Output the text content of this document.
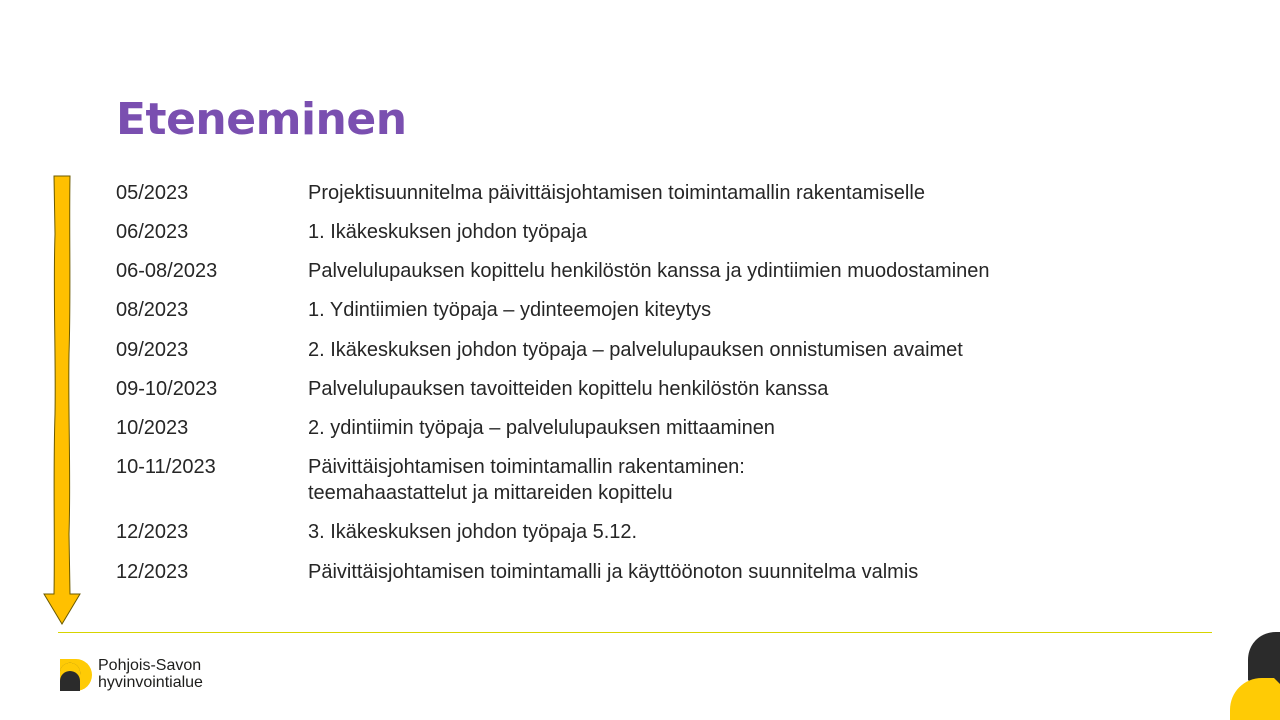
Eteneminen
05/2023	Projektisuunnitelma päivittäisjohtamisen toimintamallin rakentamiselle
06/2023	1. Ikäkeskuksen johdon työpaja
06-08/2023	Palvelulupauksen kopittelu henkilöstön kanssa ja ydintiimien muodostaminen
08/2023	1. Ydintiimien työpaja – ydinteemojen kiteytys
09/2023	2. Ikäkeskuksen johdon työpaja – palvelulupauksen onnistumisen avaimet
09-10/2023	Palvelulupauksen tavoitteiden kopittelu henkilöstön kanssa
10/2023	2. ydintiimin työpaja – palvelulupauksen mittaaminen
10-11/2023	Päivittäisjohtamisen toimintamallin rakentaminen:
teemahaastattelut ja mittareiden kopittelu
12/2023	3. Ikäkeskuksen johdon työpaja 5.12.
12/2023	Päivittäisjohtamisen toimintamalli ja käyttöönoton suunnitelma valmis
Pohjois-Savon
hyvinvointialue
